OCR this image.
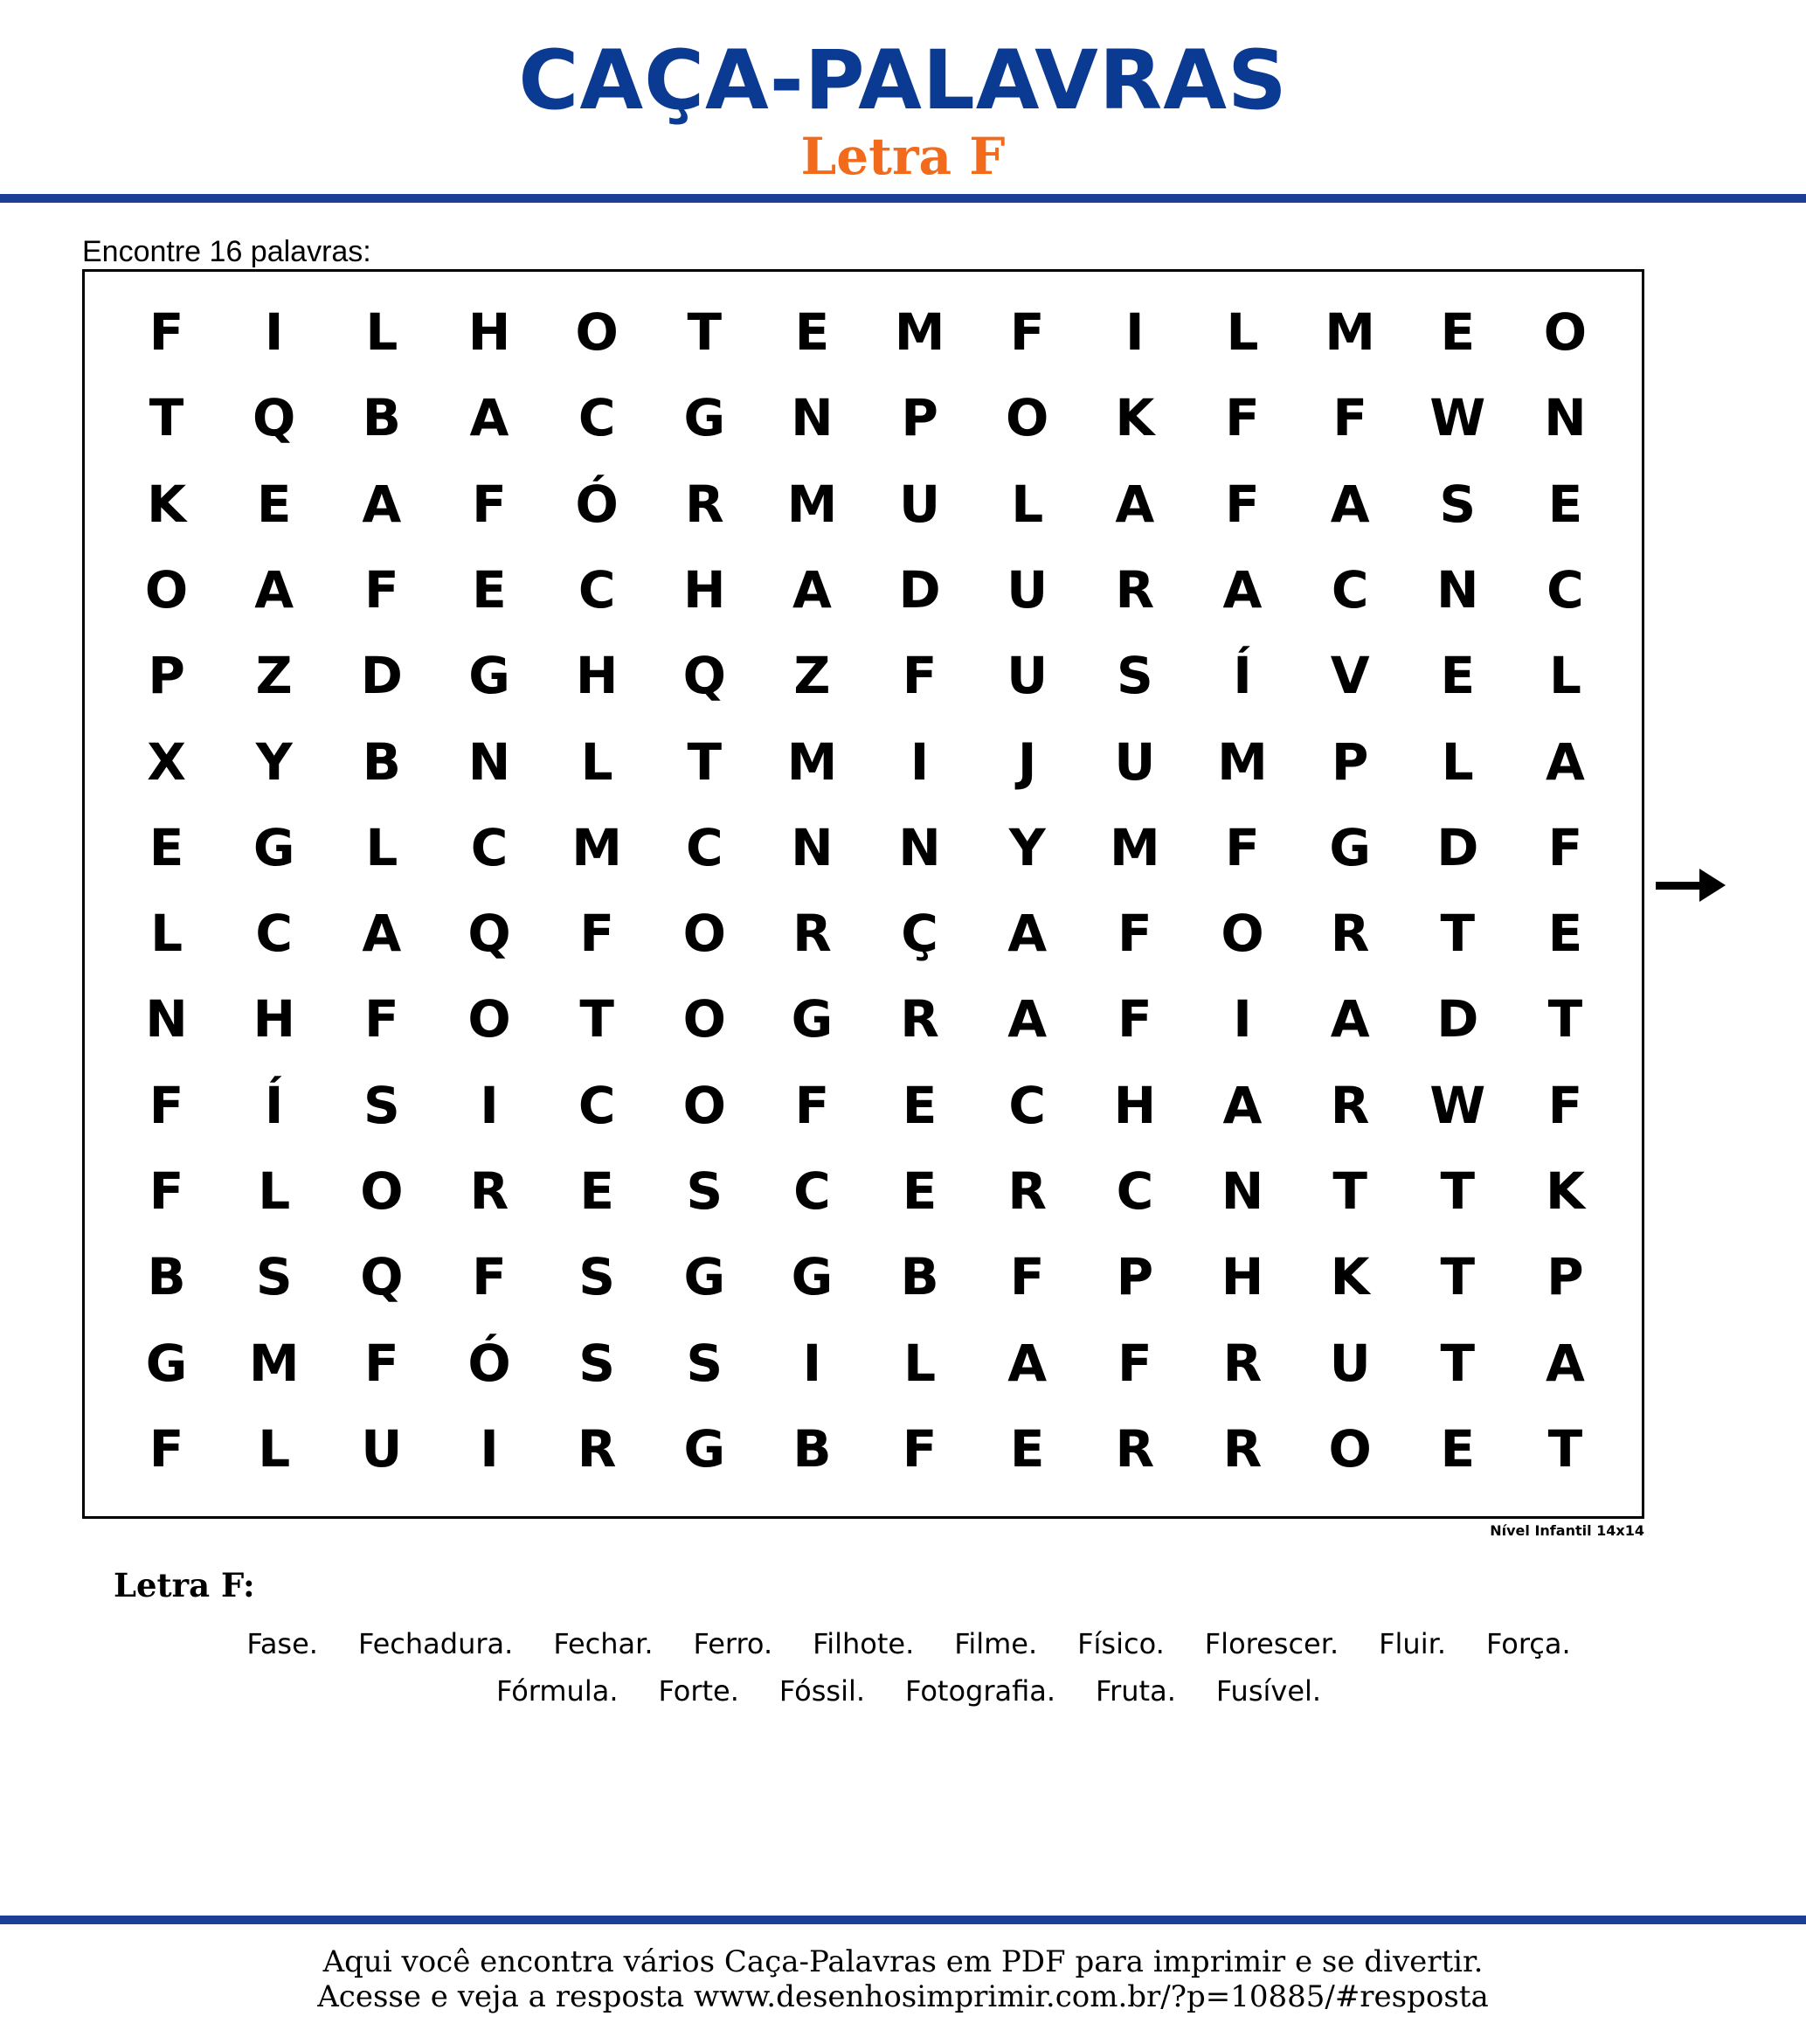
CAÇA-PALAVRAS
Letra F
Encontre 16 palavras:
F	I	L	H	O	T	E	M	F	I	L	M	E	O
T	Q	B	A	C	G	N	P	O	K	F	F	W	N
K	E	A	F	Ó	R	M	U	L	A	F	A	S	E
O	A	F	E	C	H	A	D	U	R	A	C	N	C
P	Z	D	G	H	Q	Z	F	U	S	Í	V	E	L
X	Y	B	N	L	T	M	I	J	U	M	P	L	A
E	G	L	C	M	C	N	N	Y	M	F	G	D	F
L	C	A	Q	F	O	R	Ç	A	F	O	R	T	E
N	H	F	O	T	O	G	R	A	F	I	A	D	T
F	Í	S	I	C	O	F	E	C	H	A	R	W	F
F	L	O	R	E	S	C	E	R	C	N	T	T	K
B	S	Q	F	S	G	G	B	F	P	H	K	T	P
G	M	F	Ó	S	S	I	L	A	F	R	U	T	A
F	L	U	I	R	G	B	F	E	R	R	O	E	T
Nível Infantil 14x14
Letra F:
Fase. Fechadura. Fechar. Ferro. Filhote. Filme. Físico. Florescer. Fluir. Força.
Fórmula. Forte. Fóssil. Fotografia. Fruta. Fusível.
Aqui você encontra vários Caça-Palavras em PDF para imprimir e se divertir.
Acesse e veja a resposta www.desenhosimprimir.com.br/?p=10885/#resposta
